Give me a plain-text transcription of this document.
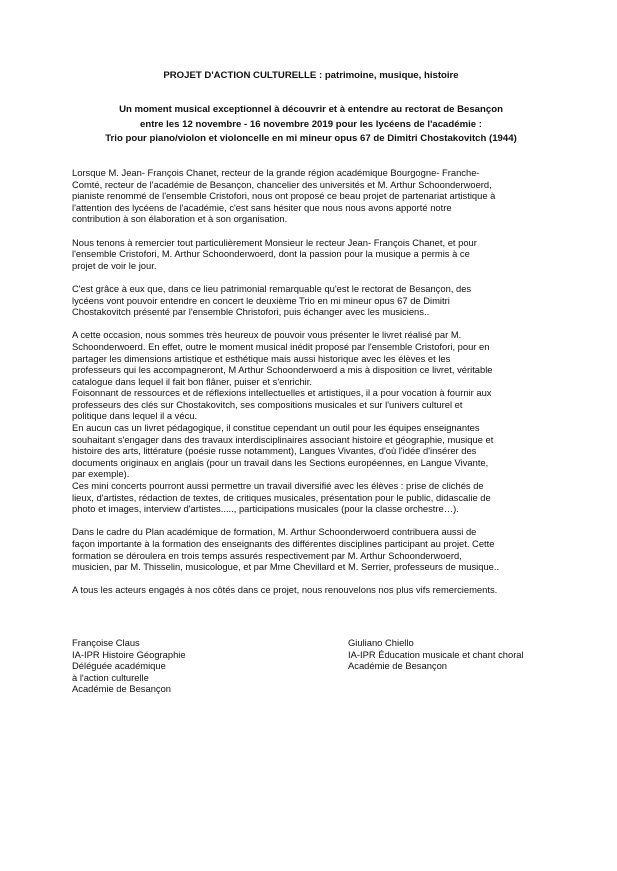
PROJET D'ACTION CULTURELLE : patrimoine, musique, histoire
Un moment musical exceptionnel à découvrir et à entendre au rectorat de Besançon
entre les 12 novembre - 16 novembre 2019 pour les lycéens de l'académie :
Trio pour piano/violon et violoncelle en mi mineur opus 67 de Dimitri Chostakovitch (1944)
Lorsque M. Jean- François Chanet, recteur de la grande région académique Bourgogne- Franche-
Comté, recteur de l'académie de Besançon, chancelier des universités et M. Arthur Schoonderwoerd,
pianiste renommé de l'ensemble Cristofori, nous ont proposé ce beau projet de partenariat artistique à
l'attention des lycéens de l'académie, c'est sans hésiter que nous nous avons apporté notre
contribution à son élaboration et à son organisation.
Nous tenons à remercier tout particulièrement Monsieur le recteur Jean- François Chanet, et pour
l'ensemble Cristofori, M. Arthur Schoonderwoerd, dont la passion pour la musique a permis à ce
projet de voir le jour.
C'est grâce à eux que, dans ce lieu patrimonial remarquable qu'est le rectorat de Besançon, des
lycéens vont pouvoir entendre en concert le deuxième Trio en mi mineur opus 67 de Dimitri
Chostakovitch présenté par l'ensemble Christofori, puis échanger avec les musiciens..
A cette occasion, nous sommes très heureux de pouvoir vous présenter le livret réalisé par M.
Schoonderwoerd. En effet, outre le moment musical inédit proposé par l'ensemble Cristofori, pour en
partager les dimensions artistique et esthétique mais aussi historique avec les élèves et les
professeurs qui les accompagneront, M Arthur Schoonderwoerd a mis à disposition ce livret, véritable
catalogue dans lequel il fait bon flâner, puiser et s'enrichir.
Foisonnant de ressources et de réflexions intellectuelles et artistiques, il a pour vocation à fournir aux
professeurs des clés sur Chostakovitch, ses compositions musicales et sur l'univers culturel et
politique dans lequel il a vécu.
En aucun cas un livret pédagogique, il constitue cependant un outil pour les équipes enseignantes
souhaitant s'engager dans des travaux interdisciplinaires associant histoire et géographie, musique et
histoire des arts, littérature (poésie russe notamment), Langues Vivantes, d'où l'idée d'insérer des
documents originaux en anglais (pour un travail dans les Sections européennes, en Langue Vivante,
par exemple).
Ces mini concerts pourront aussi permettre un travail diversifié avec les élèves : prise de clichés de
lieux, d'artistes, rédaction de textes, de critiques musicales, présentation pour le public, didascalie de
photo et images, interview d'artistes....., participations musicales (pour la classe orchestre…).
Dans le cadre du Plan académique de formation, M. Arthur Schoonderwoerd contribuera aussi de
façon importante à la formation des enseignants des différentes disciplines participant au projet. Cette
formation se déroulera en trois temps assurés respectivement par M. Arthur Schoonderwoerd,
musicien, par M. Thisselin, musicologue, et par Mme Chevillard et M. Serrier, professeurs de musique..
A tous les acteurs engagés à nos côtés dans ce projet, nous renouvelons nos plus vifs remerciements.
Françoise Claus
IA-IPR Histoire Géographie
Déléguée académique
à l'action culturelle
Académie de Besançon
Giuliano Chiello
IA-IPR Éducation musicale et chant choral
Académie de Besançon
